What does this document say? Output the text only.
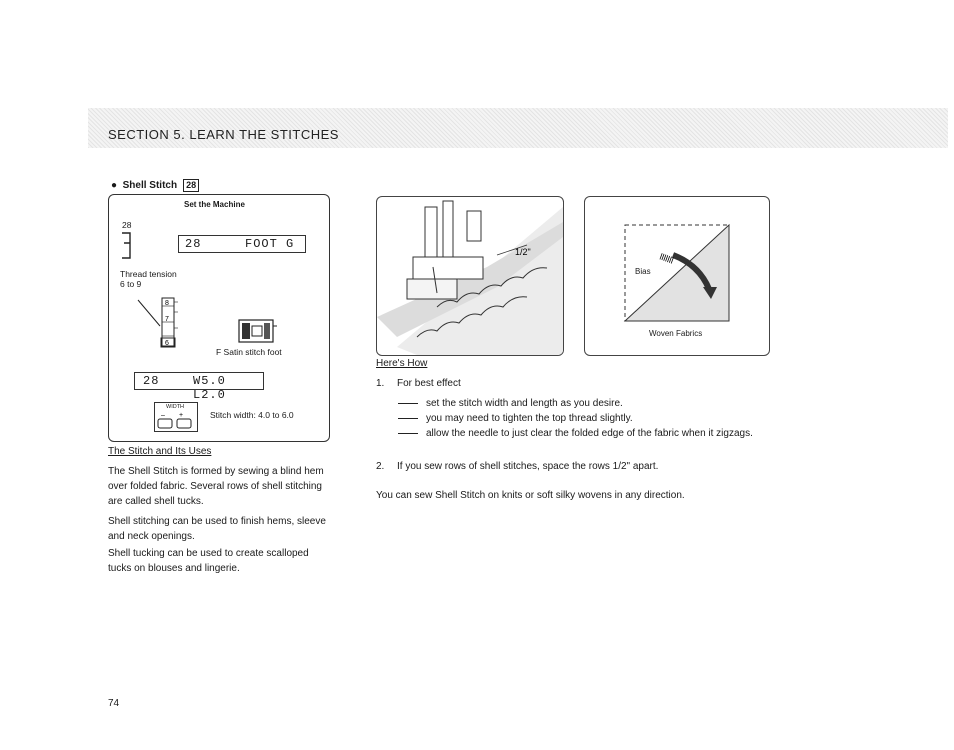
SECTION 5. LEARN THE STITCHES
●  Shell Stitch 28
Set the Machine
28
28	FOOT G
Thread tension
6 to 9
8
7
6
F Satin stitch foot
28	W5.0 L2.0
WIDTH
– +	Stitch width: 4.0 to 6.0
The Stitch and Its Uses
The Shell Stitch is formed by sewing a blind hem over folded fabric. Several rows of shell stitching are called shell tucks.
Shell stitching can be used to finish hems, sleeve and neck openings.
Shell tucking can be used to create scalloped tucks on blouses and lingerie.
1/2"	lllllll
Bias
Woven Fabrics
Here's How
1. For best effect
set the stitch width and length as you desire.
you may need to tighten the top thread slightly.
allow the needle to just clear the folded edge of the fabric when it zigzags.
2. If you sew rows of shell stitches, space the rows 1/2" apart.
You can sew Shell Stitch on knits or soft silky wovens in any direction.
74
